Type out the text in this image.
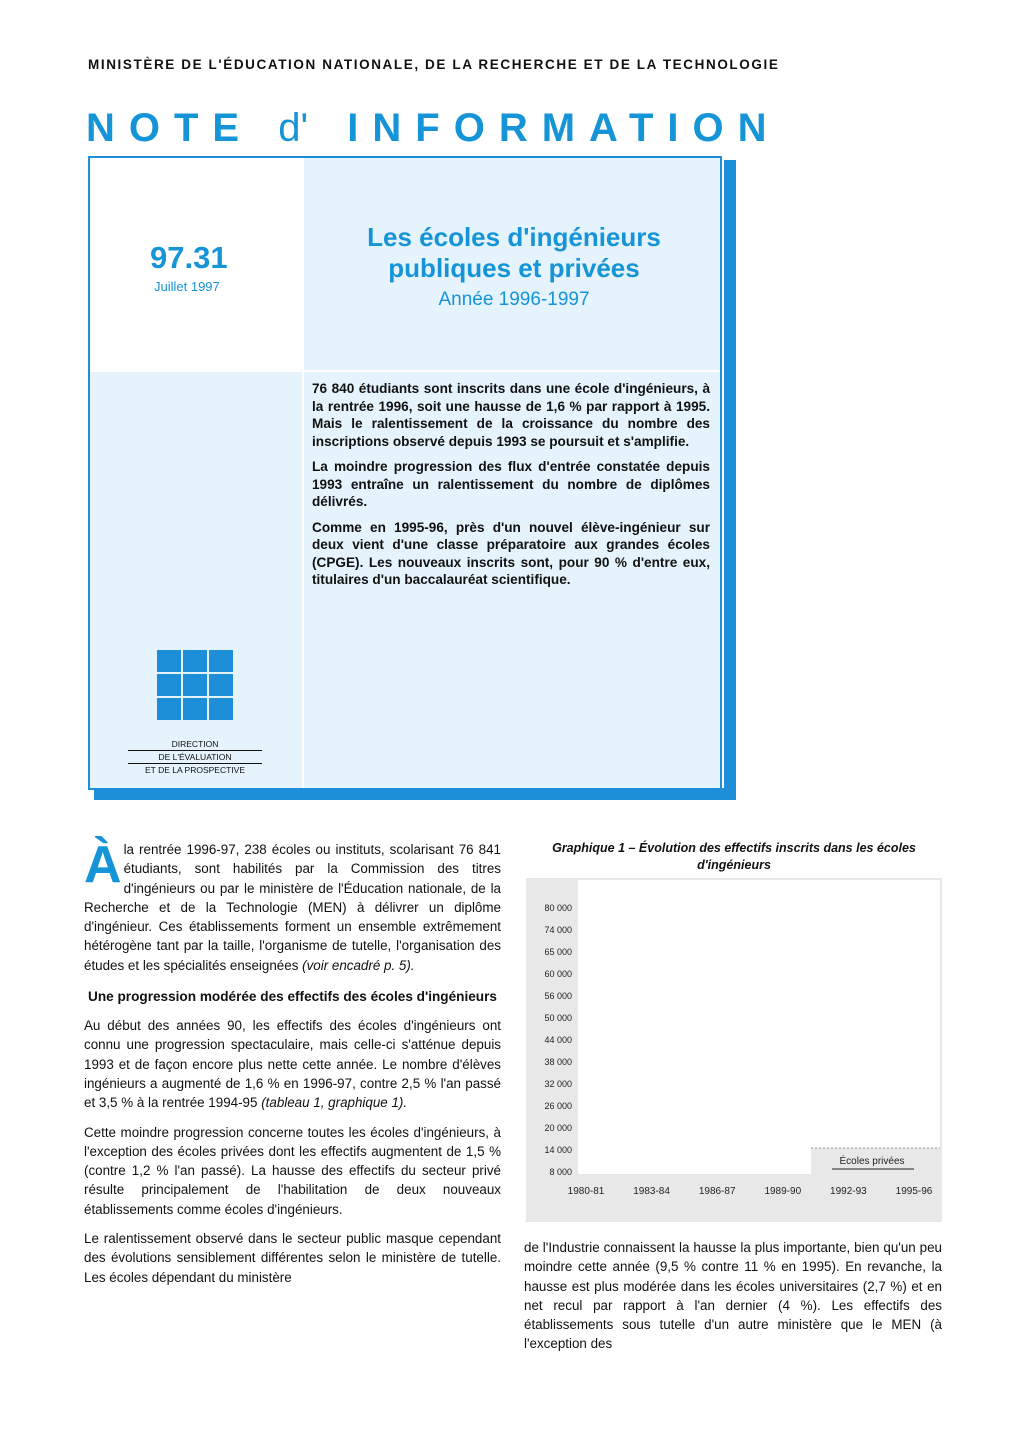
MINISTÈRE DE L'ÉDUCATION NATIONALE, DE LA RECHERCHE ET DE LA TECHNOLOGIE
NOTE d' INFORMATION
97.31
Juillet 1997
Les écoles d'ingénieurs
publiques et privées
Année 1996-1997

76 840 étudiants sont inscrits dans une école d'ingénieurs, à la rentrée 1996, soit une hausse de 1,6 % par rapport à 1995. Mais le ralentissement de la croissance du nombre des inscriptions observé depuis 1993 se poursuit et s'amplifie.

La moindre progression des flux d'entrée constatée depuis 1993 entraîne un ralentissement du nombre de diplômes délivrés.

Comme en 1995-96, près d'un nouvel élève-ingénieur sur deux vient d'une classe préparatoire aux grandes écoles (CPGE). Les nouveaux inscrits sont, pour 90 % d'entre eux, titulaires d'un baccalauréat scientifique.

DIRECTION
DE L'ÉVALUATION
ET DE LA PROSPECTIVE

À la rentrée 1996-97, 238 écoles ou instituts, scolarisant 76 841 étudiants, sont habilités par la Commission des titres d'ingénieurs ou par le ministère de l'Éducation nationale, de la Recherche et de la Technologie (MEN) à délivrer un diplôme d'ingénieur. Ces établissements forment un ensemble extrêmement hétérogène tant par la taille, l'organisme de tutelle, l'organisation des études et les spécialités enseignées (voir encadré p. 5).

Une progression modérée des effectifs des écoles d'ingénieurs

Au début des années 90, les effectifs des écoles d'ingénieurs ont connu une progression spectaculaire, mais celle-ci s'atténue depuis 1993 et de façon encore plus nette cette année. Le nombre d'élèves ingénieurs a augmenté de 1,6 % en 1996-97, contre 2,5 % l'an passé et 3,5 % à la rentrée 1994-95 (tableau 1, graphique 1).

Cette moindre progression concerne toutes les écoles d'ingénieurs, à l'exception des écoles privées dont les effectifs augmentent de 1,5 % (contre 1,2 % l'an passé). La hausse des effectifs du secteur privé résulte principalement de l'habilitation de deux nouveaux établissements comme écoles d'ingénieurs.

Le ralentissement observé dans le secteur public masque cependant des évolutions sensiblement différentes selon le ministère de tutelle. Les écoles dépendant du ministère

Graphique 1 – Évolution des effectifs inscrits dans les écoles d'ingénieurs
80 000
74 000
65 000
60 000
56 000
50 000
44 000
38 000
32 000
26 000
20 000
14 000
8 000
1980-81	1983-84	1986-87	1989-90	1992-93	1995-96
Écoles privées

de l'Industrie connaissent la hausse la plus importante, bien qu'un peu moindre cette année (9,5 % contre 11 % en 1995). En revanche, la hausse est plus modérée dans les écoles universitaires (2,7 %) et en net recul par rapport à l'an dernier (4 %). Les effectifs des établissements sous tutelle d'un autre ministère que le MEN (à l'exception des
